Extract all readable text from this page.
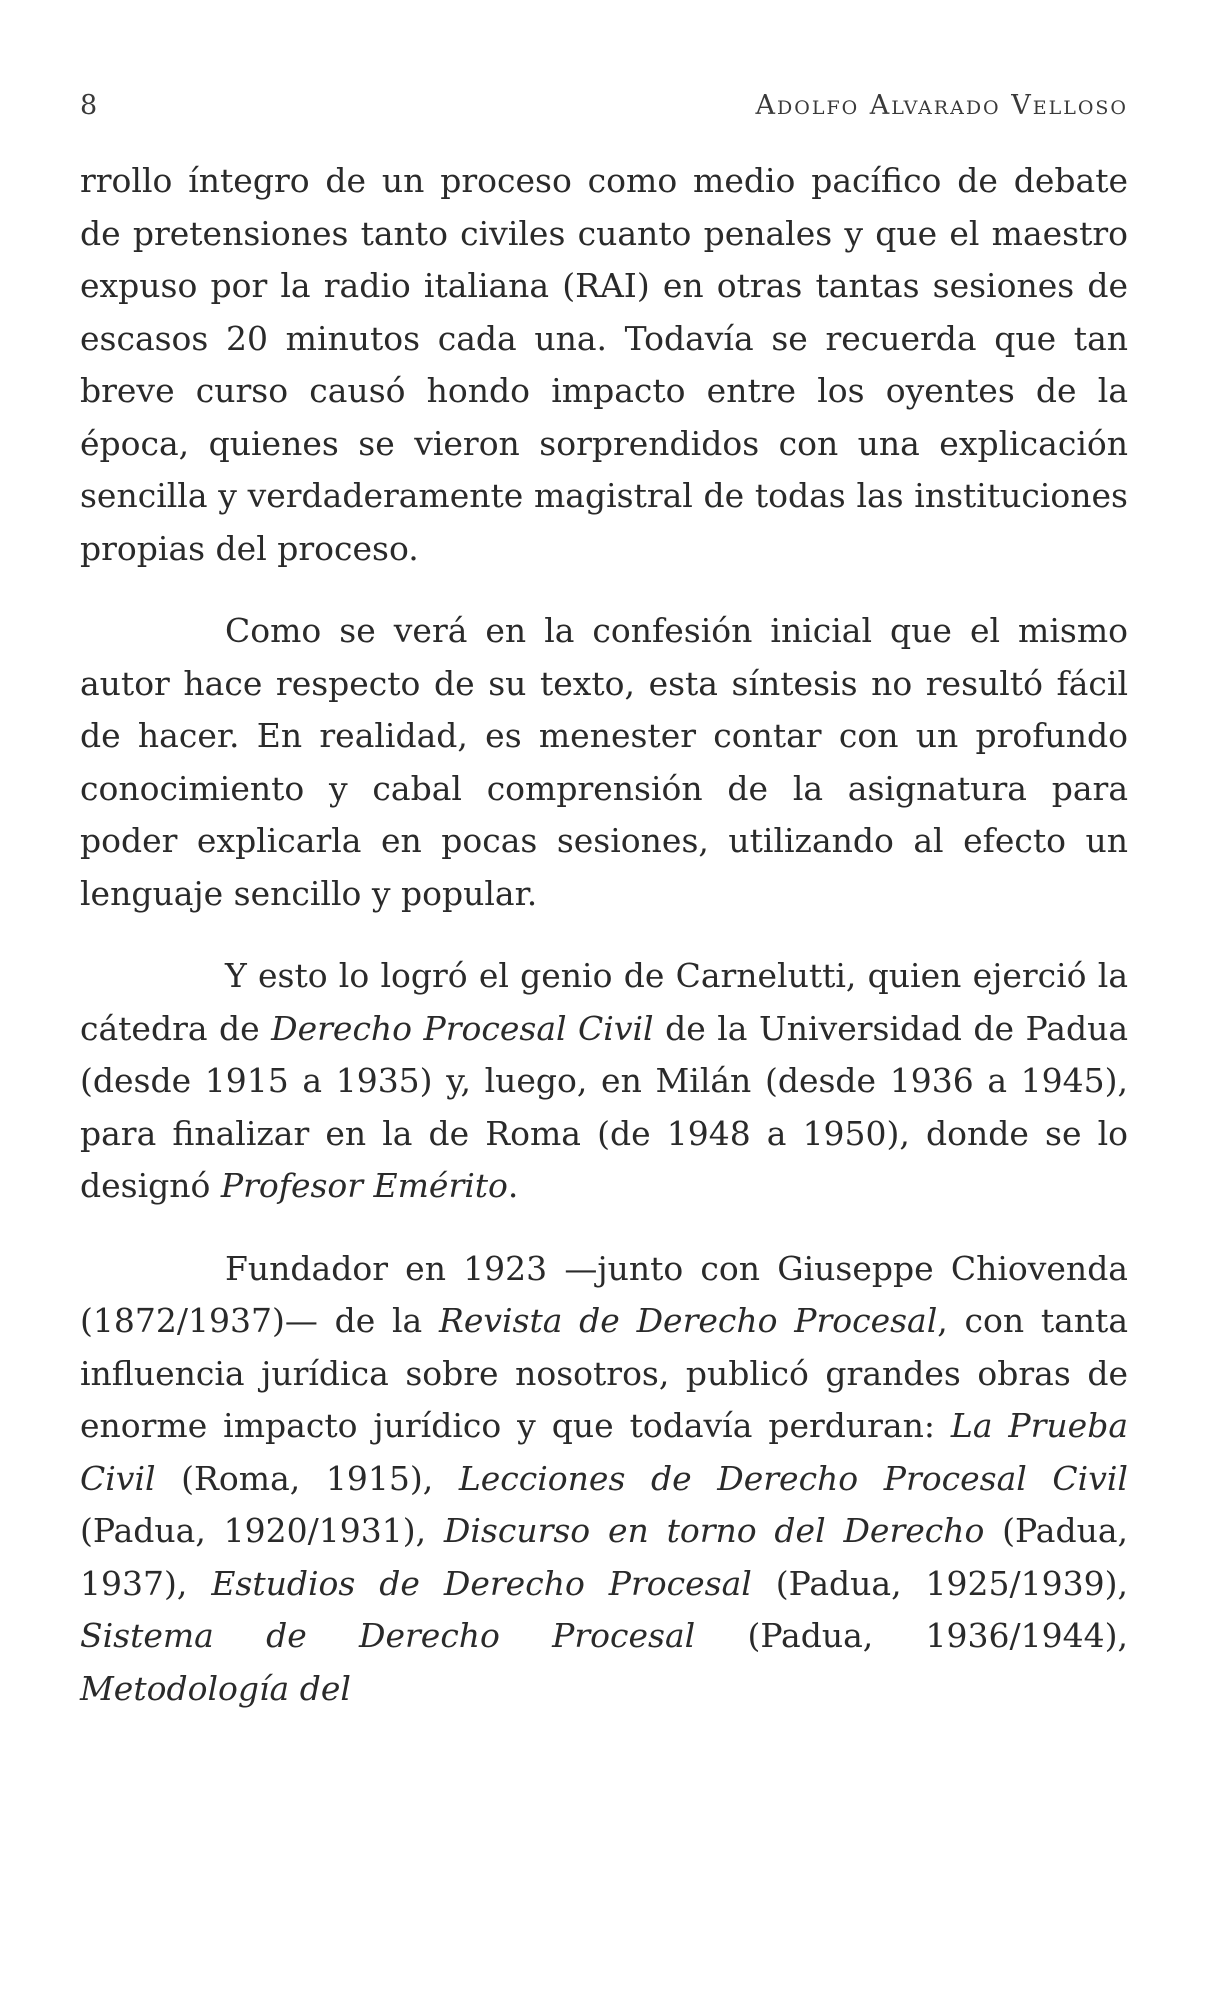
8	Adolfo Alvarado Velloso

rrollo íntegro de un proceso como medio pacífico de debate de pretensiones tanto civiles cuanto penales y que el maestro expuso por la radio italiana (RAI) en otras tantas sesiones de escasos 20 minutos cada una. Todavía se recuerda que tan breve curso causó hondo impacto entre los oyentes de la época, quienes se vieron sorprendidos con una explicación sencilla y verdaderamente magistral de todas las instituciones propias del proceso.

Como se verá en la confesión inicial que el mismo autor hace respecto de su texto, esta síntesis no resultó fácil de hacer. En realidad, es menester contar con un profundo conocimiento y cabal comprensión de la asignatura para poder explicarla en pocas sesiones, utilizando al efecto un lenguaje sencillo y popular.

Y esto lo logró el genio de Carnelutti, quien ejerció la cátedra de Derecho Procesal Civil de la Universidad de Padua (desde 1915 a 1935) y, luego, en Milán (desde 1936 a 1945), para finalizar en la de Roma (de 1948 a 1950), donde se lo designó Profesor Emérito.

Fundador en 1923 —junto con Giuseppe Chiovenda (1872/1937)— de la Revista de Derecho Procesal, con tanta influencia jurídica sobre nosotros, publicó grandes obras de enorme impacto jurídico y que todavía perduran: La Prueba Civil (Roma, 1915), Lecciones de Derecho Procesal Civil (Padua, 1920/1931), Discurso en torno del Derecho (Padua, 1937), Estudios de Derecho Procesal (Padua, 1925/1939), Sistema de Derecho Procesal (Padua, 1936/1944), Metodología del
